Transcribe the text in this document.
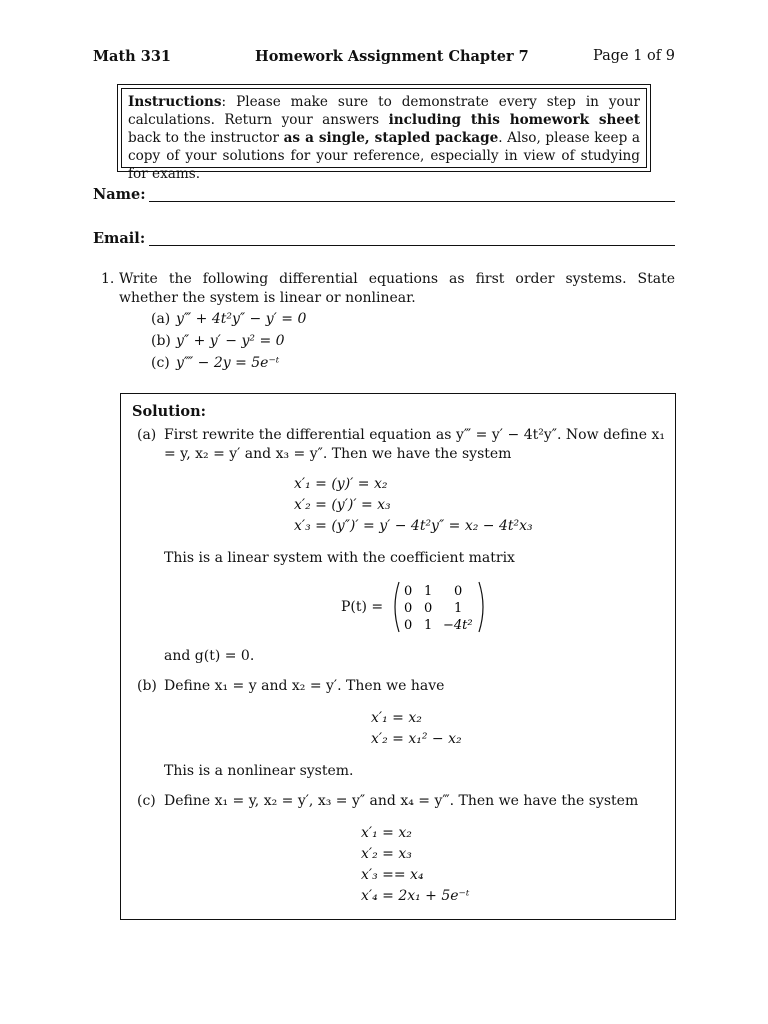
Math 331	Homework Assignment Chapter 7	Page 1 of 9
Instructions: Please make sure to demonstrate every step in your calculations. Return your answers including this homework sheet back to the instructor as a single, stapled package. Also, please keep a copy of your solutions for your reference, especially in view of studying for exams.
Name:
Email:
1. Write the following differential equations as first order systems. State whether the system is linear or nonlinear.
(a) y‴ + 4t²y″ − y′ = 0
(b) y″ + y′ − y² = 0
(c) y⁗ − 2y = 5e⁻ᵗ
Solution:
(a) First rewrite the differential equation as y‴ = y′ − 4t²y″. Now define x₁ = y, x₂ = y′ and x₃ = y″. Then we have the system
x′₁ = (y)′ = x₂
x′₂ = (y′)′ = x₃
x′₃ = (y″)′ = y′ − 4t²y″ = x₂ − 4t²x₃
This is a linear system with the coefficient matrix
P(t) =
0 1 0
0 0 1
0 1 −4t²
and g(t) = 0.
(b) Define x₁ = y and x₂ = y′. Then we have
x′₁ = x₂
x′₂ = x₁² − x₂
This is a nonlinear system.
(c) Define x₁ = y, x₂ = y′, x₃ = y″ and x₄ = y‴. Then we have the system
x′₁ = x₂
x′₂ = x₃
x′₃ == x₄
x′₄ = 2x₁ + 5e⁻ᵗ
